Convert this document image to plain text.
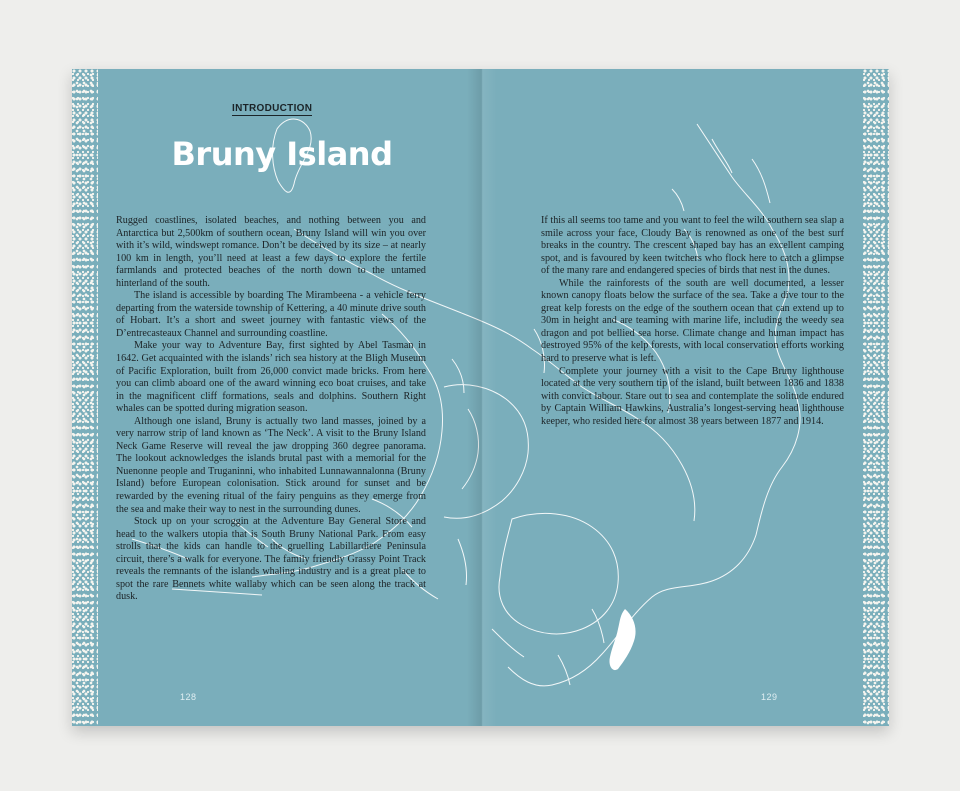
INTRODUCTION
Bruny Island

Rugged coastlines, isolated beaches, and nothing between you and Antarctica but 2,500km of southern ocean, Bruny Island will win you over with it’s wild, windswept romance. Don’t be deceived by its size – at nearly 100 km in length, you’ll need at least a few days to explore the fertile farmlands and protected beaches of the north down to the untamed hinterland of the south.

The island is accessible by boarding The Mirambeena - a vehicle ferry departing from the waterside township of Kettering, a 40 minute drive south of Hobart. It’s a short and sweet journey with fantastic views of the D’entrecasteaux Channel and surrounding coastline.

Make your way to Adventure Bay, first sighted by Abel Tasman in 1642. Get acquainted with the islands’ rich sea history at the Bligh Museum of Pacific Exploration, built from 26,000 convict made bricks. From here you can climb aboard one of the award winning eco boat cruises, and take in the magnificent cliff formations, seals and dolphins. Southern Right whales can be spotted during migration season.

Although one island, Bruny is actually two land masses, joined by a very narrow strip of land known as ‘The Neck’. A visit to the Bruny Island Neck Game Reserve will reveal the jaw dropping 360 degree panorama. The lookout acknowledges the islands brutal past with a memorial for the Nuenonne people and Truganinni, who inhabited Lunnawannalonna (Bruny Island) before European colonisation. Stick around for sunset and be rewarded by the evening ritual of the fairy penguins as they emerge from the sea and make their way to nest in the surrounding dunes.

Stock up on your scroggin at the Adventure Bay General Store and head to the walkers utopia that is South Bruny National Park. From easy strolls that the kids can handle to the gruelling Labillardiere Peninsula circuit, there’s a walk for everyone. The family friendly Grassy Point Track reveals the remnants of the islands whaling industry and is a great place to spot the rare Bennets white wallaby which can be seen along the track at dusk.

128

If this all seems too tame and you want to feel the wild southern sea slap a smile across your face, Cloudy Bay is renowned as one of the best surf breaks in the country. The crescent shaped bay has an excellent camping spot, and is favoured by keen twitchers who flock here to catch a glimpse of the many rare and endangered species of birds that nest in the dunes.

While the rainforests of the south are well documented, a lesser known canopy floats below the surface of the sea. Take a dive tour to the great kelp forests on the edge of the southern ocean that can extend up to 30m in height and are teaming with marine life, including the weedy sea dragon and pot bellied sea horse. Climate change and human impact has destroyed 95% of the kelp forests, with local conservation efforts working hard to preserve what is left.

Complete your journey with a visit to the Cape Bruny lighthouse located at the very southern tip of the island, built between 1836 and 1838 with convict labour. Stare out to sea and contemplate the solitude endured by Captain William Hawkins, Australia’s longest-serving head lighthouse keeper, who resided here for almost 38 years between 1877 and 1914.

129
